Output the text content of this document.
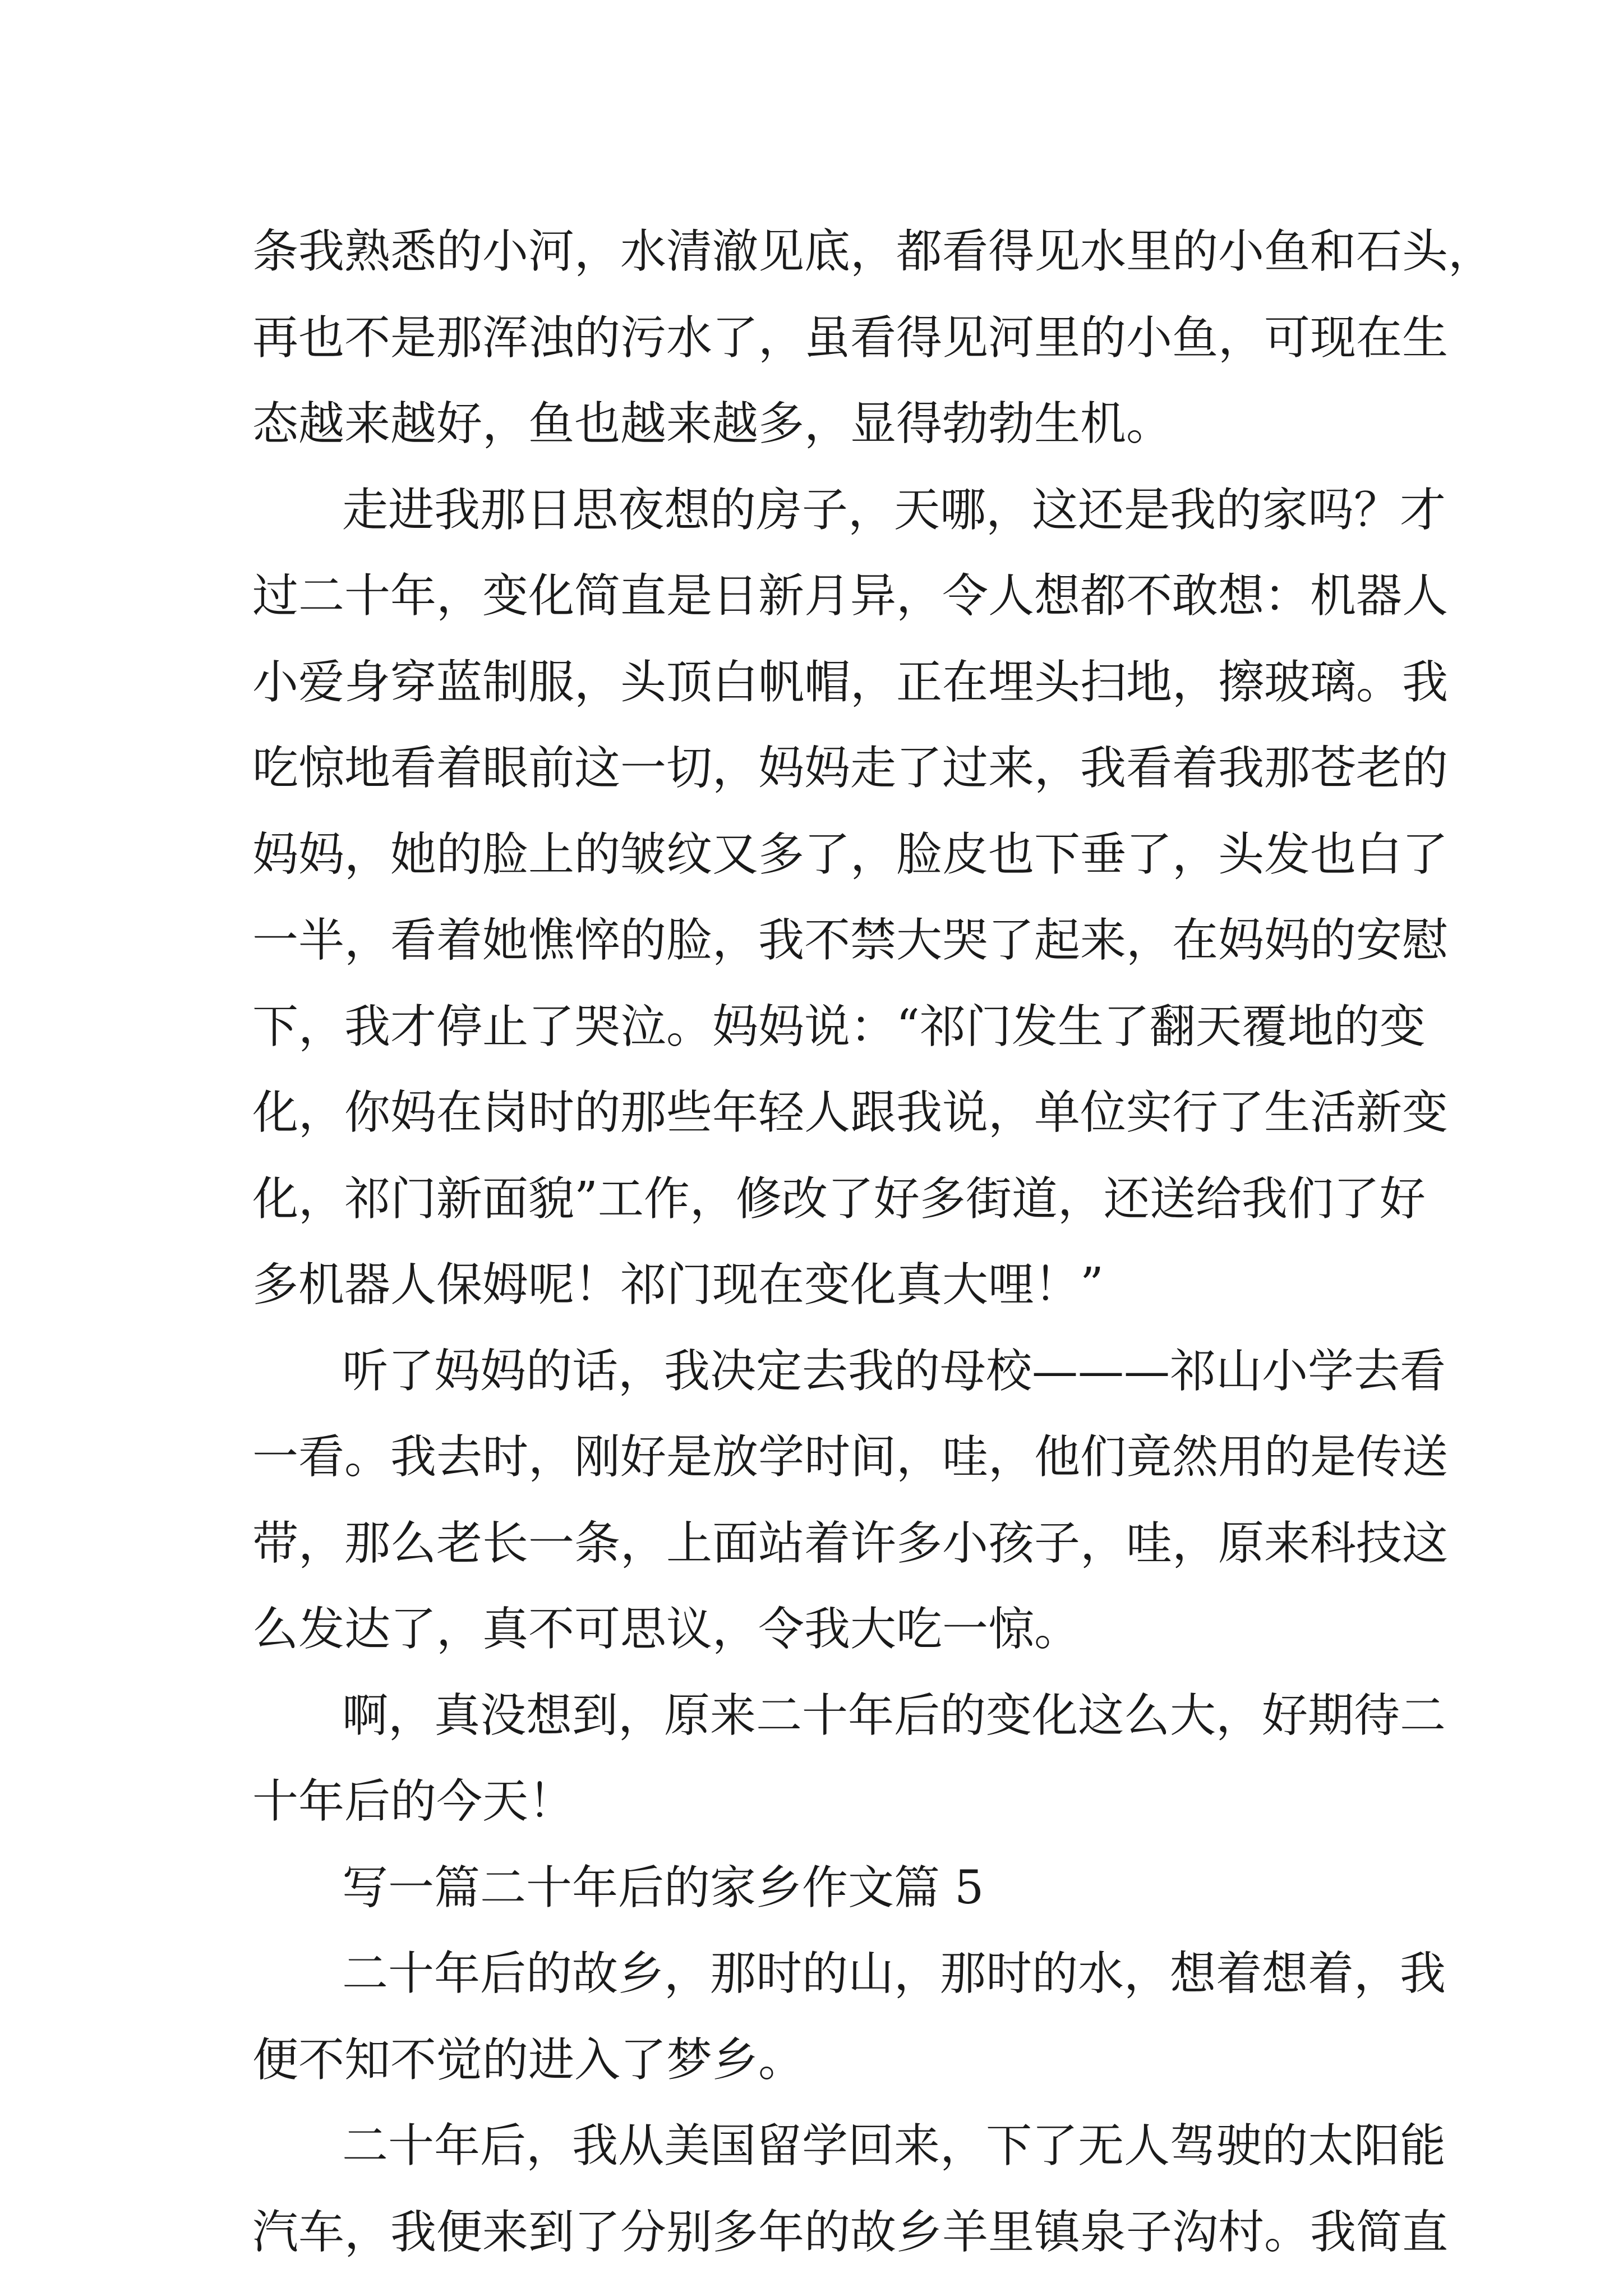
条我熟悉的小河，水清澈见底，都看得见水里的小鱼和石头，
再也不是那浑浊的污水了，虽看得见河里的小鱼，可现在生
态越来越好，鱼也越来越多，显得勃勃生机。
走进我那日思夜想的房子，天哪，这还是我的家吗？才
过二十年，变化简直是日新月异，令人想都不敢想：机器人
小爱身穿蓝制服，头顶白帆帽，正在埋头扫地，擦玻璃。我
吃惊地看着眼前这一切，妈妈走了过来，我看着我那苍老的
妈妈，她的脸上的皱纹又多了，脸皮也下垂了，头发也白了
一半，看着她憔悴的脸，我不禁大哭了起来，在妈妈的安慰
下，我才停止了哭泣。妈妈说：“祁门发生了翻天覆地的变
化，你妈在岗时的那些年轻人跟我说，单位实行了生活新变
化，祁门新面貌”工作，修改了好多街道，还送给我们了好
多机器人保姆呢！祁门现在变化真大哩！”
听了妈妈的话，我决定去我的母校———祁山小学去看
一看。我去时，刚好是放学时间，哇，他们竟然用的是传送
带，那么老长一条，上面站着许多小孩子，哇，原来科技这
么发达了，真不可思议，令我大吃一惊。
啊，真没想到，原来二十年后的变化这么大，好期待二
十年后的今天！
写一篇二十年后的家乡作文篇 5
二十年后的故乡，那时的山，那时的水，想着想着，我
便不知不觉的进入了梦乡。
二十年后，我从美国留学回来，下了无人驾驶的太阳能
汽车，我便来到了分别多年的故乡羊里镇泉子沟村。我简直
